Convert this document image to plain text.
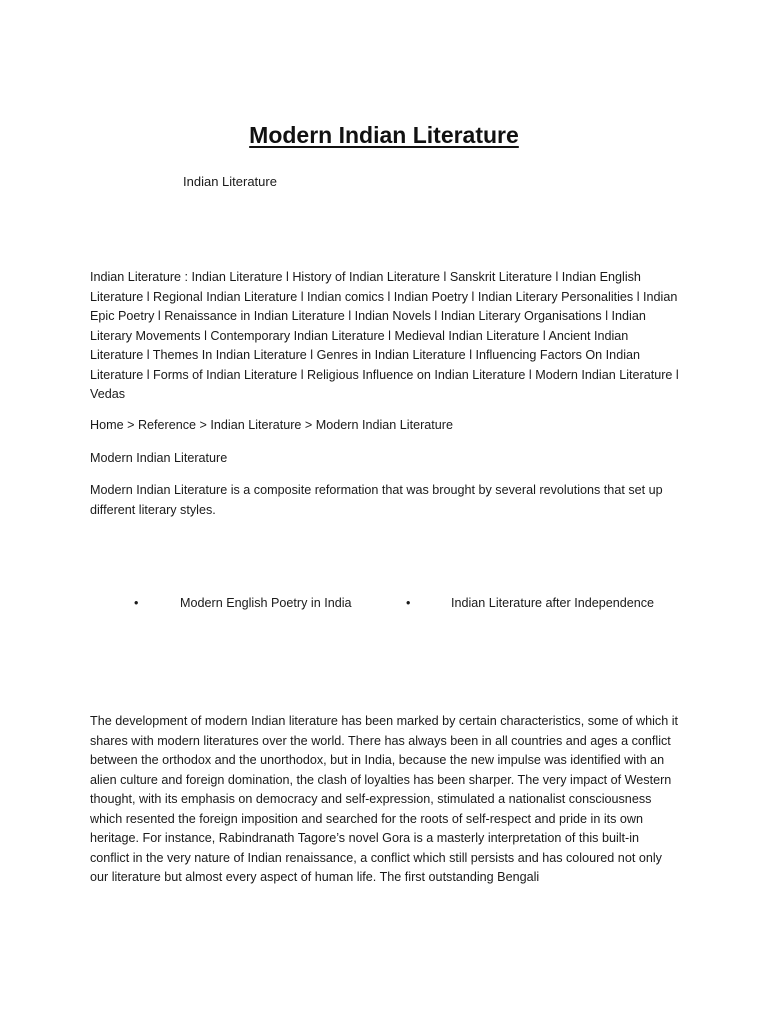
Modern Indian Literature

Indian Literature

Indian Literature : Indian Literature l History of Indian Literature l Sanskrit Literature l Indian English Literature l Regional Indian Literature l Indian comics l Indian Poetry l Indian Literary Personalities l Indian Epic Poetry l Renaissance in Indian Literature l Indian Novels l Indian Literary Organisations l Indian Literary Movements l Contemporary Indian Literature l Medieval Indian Literature l Ancient Indian Literature l Themes In Indian Literature l Genres in Indian Literature l Influencing Factors On Indian Literature l Forms of Indian Literature l Religious Influence on Indian Literature l Modern Indian Literature l Vedas

Home > Reference > Indian Literature > Modern Indian Literature

Modern Indian Literature

Modern Indian Literature is a composite reformation that was brought by several revolutions that set up different literary styles.

•	Modern English Poetry in India	•	Indian Literature after Independence

The development of modern Indian literature has been marked by certain characteristics, some of which it shares with modern literatures over the world. There has always been in all countries and ages a conflict between the orthodox and the unorthodox, but in India, because the new impulse was identified with an alien culture and foreign domination, the clash of loyalties has been sharper. The very impact of Western thought, with its emphasis on democracy and self-expression, stimulated a nationalist consciousness which resented the foreign imposition and searched for the roots of self-respect and pride in its own heritage. For instance, Rabindranath Tagore’s novel Gora is a masterly interpretation of this built-in conflict in the very nature of Indian renaissance, a conflict which still persists and has coloured not only our literature but almost every aspect of human life. The first outstanding Bengali
